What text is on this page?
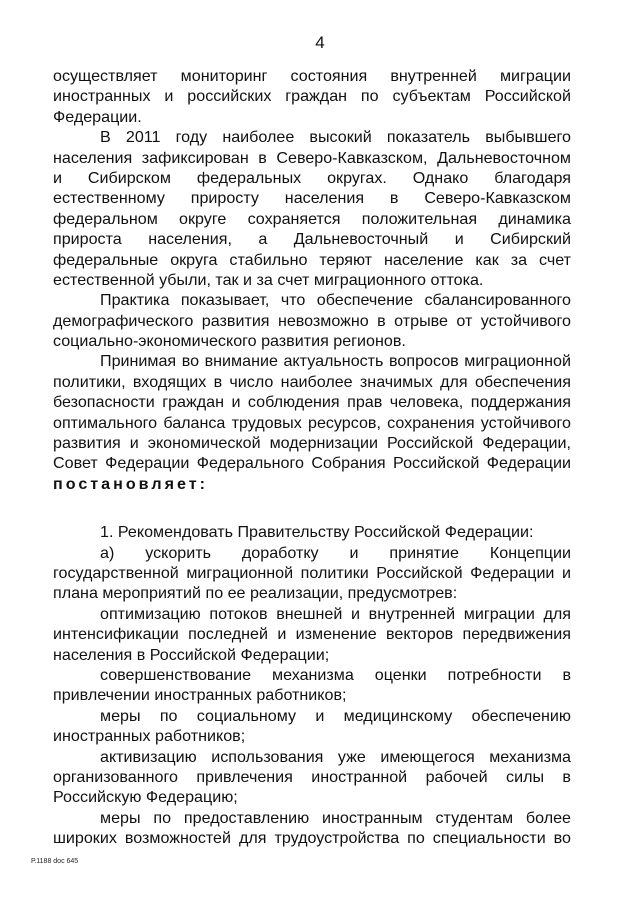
4
осуществляет мониторинг состояния внутренней миграции
иностранных и российских граждан по субъектам Российской
Федерации.
В 2011 году наиболее высокий показатель выбывшего
населения зафиксирован в Северо-Кавказском, Дальневосточном
и Сибирском федеральных округах. Однако благодаря
естественному приросту населения в Северо-Кавказском
федеральном округе сохраняется положительная динамика
прироста населения, а Дальневосточный и Сибирский
федеральные округа стабильно теряют население как за счет
естественной убыли, так и за счет миграционного оттока.
Практика показывает, что обеспечение сбалансированного
демографического развития невозможно в отрыве от устойчивого
социально-экономического развития регионов.
Принимая во внимание актуальность вопросов миграционной
политики, входящих в число наиболее значимых для обеспечения
безопасности граждан и соблюдения прав человека, поддержания
оптимального баланса трудовых ресурсов, сохранения устойчивого
развития и экономической модернизации Российской Федерации,
Совет Федерации Федерального Собрания Российской Федерации
постановляет:
1. Рекомендовать Правительству Российской Федерации:
а) ускорить доработку и принятие Концепции
государственной миграционной политики Российской Федерации и
плана мероприятий по ее реализации, предусмотрев:
оптимизацию потоков внешней и внутренней миграции для
интенсификации последней и изменение векторов передвижения
населения в Российской Федерации;
совершенствование механизма оценки потребности в
привлечении иностранных работников;
меры по социальному и медицинскому обеспечению
иностранных работников;
активизацию использования уже имеющегося механизма
организованного привлечения иностранной рабочей силы в
Российскую Федерацию;
меры по предоставлению иностранным студентам более
широких возможностей для трудоустройства по специальности во
Р.1188 doc 645
